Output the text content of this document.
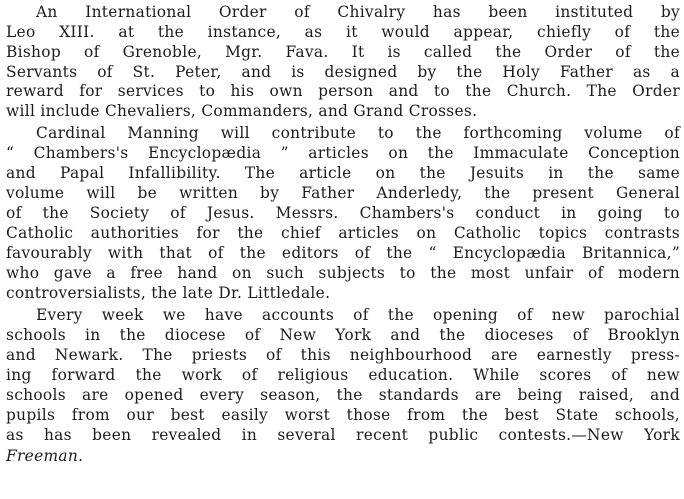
An International Order of Chivalry has been instituted by
Leo XIII. at the instance, as it would appear, chiefly of the
Bishop of Grenoble, Mgr. Fava. It is called the Order of the
Servants of St. Peter, and is designed by the Holy Father as a
reward for services to his own person and to the Church. The Order
will include Chevaliers, Commanders, and Grand Crosses.
Cardinal Manning will contribute to the forthcoming volume of
“ Chambers's Encyclopædia ” articles on the Immaculate Conception
and Papal Infallibility. The article on the Jesuits in the same
volume will be written by Father Anderledy, the present General
of the Society of Jesus. Messrs. Chambers's conduct in going to
Catholic authorities for the chief articles on Catholic topics contrasts
favourably with that of the editors of the “ Encyclopædia Britannica,”
who gave a free hand on such subjects to the most unfair of modern
controversialists, the late Dr. Littledale.
Every week we have accounts of the opening of new parochial
schools in the diocese of New York and the dioceses of Brooklyn
and Newark. The priests of this neighbourhood are earnestly press-
ing forward the work of religious education. While scores of new
schools are opened every season, the standards are being raised, and
pupils from our best easily worst those from the best State schools,
as has been revealed in several recent public contests.—New York
Freeman.
